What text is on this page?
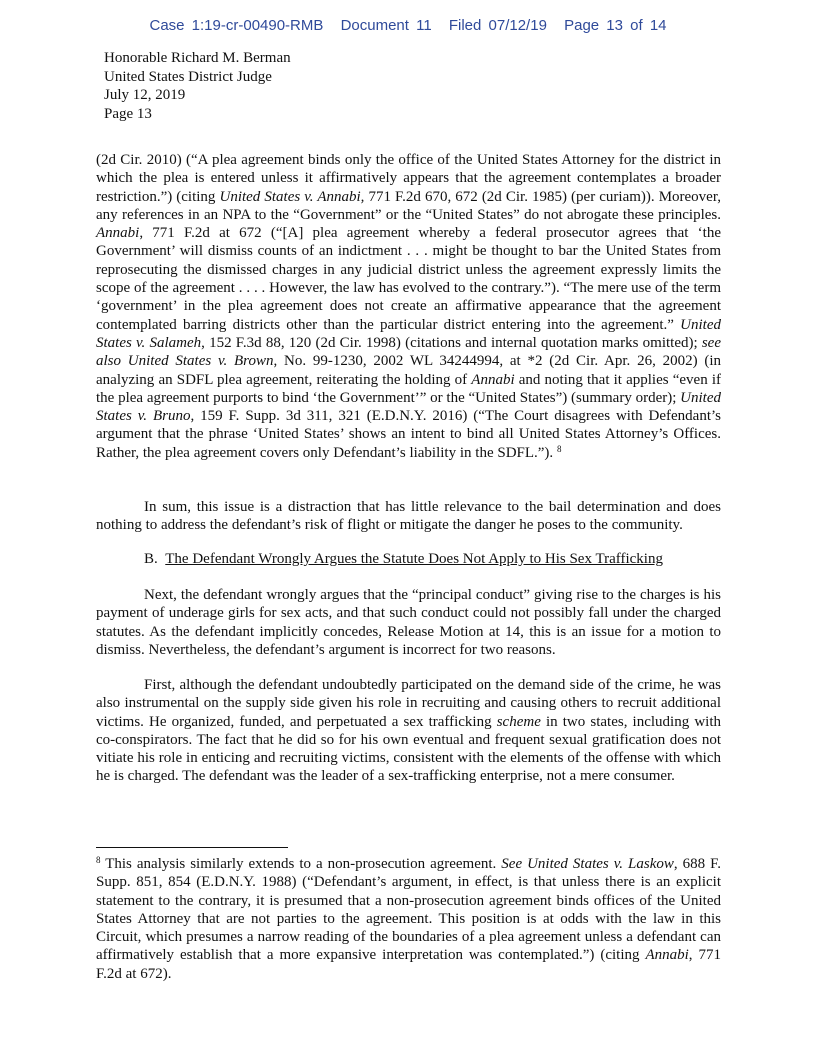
Case 1:19-cr-00490-RMB Document 11 Filed 07/12/19 Page 13 of 14
Honorable Richard M. Berman
United States District Judge
July 12, 2019
Page 13

(2d Cir. 2010) (“A plea agreement binds only the office of the United States Attorney for the district in which the plea is entered unless it affirmatively appears that the agreement contemplates a broader restriction.”) (citing United States v. Annabi, 771 F.2d 670, 672 (2d Cir. 1985) (per curiam)). Moreover, any references in an NPA to the “Government” or the “United States” do not abrogate these principles. Annabi, 771 F.2d at 672 (“[A] plea agreement whereby a federal prosecutor agrees that ‘the Government’ will dismiss counts of an indictment . . . might be thought to bar the United States from reprosecuting the dismissed charges in any judicial district unless the agreement expressly limits the scope of the agreement . . . . However, the law has evolved to the contrary.”). “The mere use of the term ‘government’ in the plea agreement does not create an affirmative appearance that the agreement contemplated barring districts other than the particular district entering into the agreement.” United States v. Salameh, 152 F.3d 88, 120 (2d Cir. 1998) (citations and internal quotation marks omitted); see also United States v. Brown, No. 99-1230, 2002 WL 34244994, at *2 (2d Cir. Apr. 26, 2002) (in analyzing an SDFL plea agreement, reiterating the holding of Annabi and noting that it applies “even if the plea agreement purports to bind ‘the Government’” or the “United States”) (summary order); United States v. Bruno, 159 F. Supp. 3d 311, 321 (E.D.N.Y. 2016) (“The Court disagrees with Defendant’s argument that the phrase ‘United States’ shows an intent to bind all United States Attorney’s Offices. Rather, the plea agreement covers only Defendant’s liability in the SDFL.”). $^8$

In sum, this issue is a distraction that has little relevance to the bail determination and does nothing to address the defendant’s risk of flight or mitigate the danger he poses to the community.

B. The Defendant Wrongly Argues the Statute Does Not Apply to His Sex Trafficking

Next, the defendant wrongly argues that the “principal conduct” giving rise to the charges is his payment of underage girls for sex acts, and that such conduct could not possibly fall under the charged statutes. As the defendant implicitly concedes, Release Motion at 14, this is an issue for a motion to dismiss. Nevertheless, the defendant’s argument is incorrect for two reasons.

First, although the defendant undoubtedly participated on the demand side of the crime, he was also instrumental on the supply side given his role in recruiting and causing others to recruit additional victims. He organized, funded, and perpetuated a sex trafficking scheme in two states, including with co-conspirators. The fact that he did so for his own eventual and frequent sexual gratification does not vitiate his role in enticing and recruiting victims, consistent with the elements of the offense with which he is charged. The defendant was the leader of a sex-trafficking enterprise, not a mere consumer.

$^8$ This analysis similarly extends to a non-prosecution agreement. See United States v. Laskow, 688 F. Supp. 851, 854 (E.D.N.Y. 1988) (“Defendant’s argument, in effect, is that unless there is an explicit statement to the contrary, it is presumed that a non-prosecution agreement binds offices of the United States Attorney that are not parties to the agreement. This position is at odds with the law in this Circuit, which presumes a narrow reading of the boundaries of a plea agreement unless a defendant can affirmatively establish that a more expansive interpretation was contemplated.”) (citing Annabi, 771 F.2d at 672).
